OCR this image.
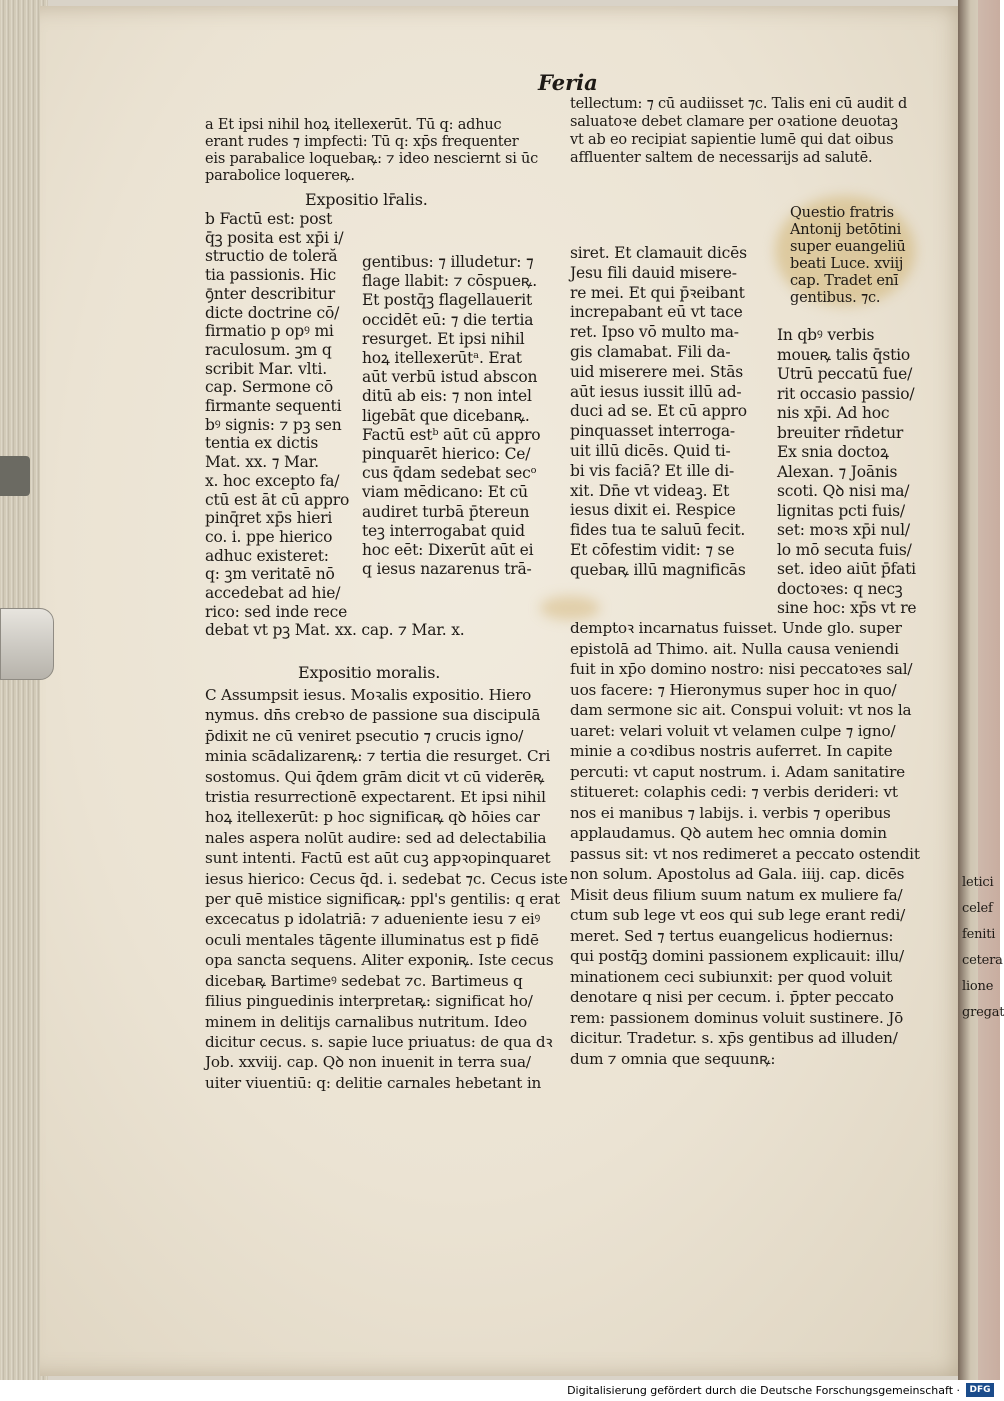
Feria
a Et ipsi nihil hoꝝ itellexerūt. Tū q: adhuc
erant rudes ⁊ impfecti: Tū q: xp̄s frequenter
eis parabalice loquebaꝶ: ⁊ ideo nesciernt si ūc
parabolice loquereꝶ.
tellectum: ⁊ cū audiisset ⁊c. Talis eni cū audit d
saluatoꝛe debet clamare per oꝛatione deuotaꝫ
vt ab eo recipiat sapientie lumē qui dat oibus
affluenter saltem de necessarijs ad salutē.
Expositio lr̄alis.
Questio fratris
Antonij betōtini
super euangeliū
beati Luce. xviij
cap. Tradet enī
gentibus. ⁊c.
b Factū est: post
q̄ꝫ posita est xp̄i i/
structio de toleră
tia passionis. Hic
ꝯ̄nter describitur
dicte doctrine cō/
firmatio p opꝰ mi
raculosum. ꝫm q
scribit Mar. vlti.
cap. Sermone cō
firmante sequenti
bꝰ signis: ⁊ pꝫ sen
tentia ex dictis
Mat. xx. ⁊ Mar.
x. hoc excepto fa/
ctū est āt cū appro
pinq̄ret xp̄s hieri
co. i. ppe hierico
adhuc existeret:
q: ꝫm veritatē nō
accedebat ad hie/
rico: sed inde rece
debat vt pꝫ Mat. xx. cap. ⁊ Mar. x.
gentibus: ⁊ illudetur: ⁊
flage llabit: ⁊ cōspueꝶ.
Et postq̄ꝫ flagellauerit
occidēt eū: ⁊ die tertia
resurget. Et ipsi nihil
hoꝝ itellexerūtᵃ. Erat
aūt verbū istud abscon
ditū ab eis: ⁊ non intel
ligebāt que dicebanꝶ.
Factū estᵇ aūt cū appro
pinquarēt hierico: Ce/
cus q̄dam sedebat secᵒ
viam mēdicano: Et cū
audiret turbā p̄tereun
teꝫ interrogabat quid
hoc eēt: Dixerūt aūt ei
q iesus nazarenus trā-
siret. Et clamauit dicēs
Jesu fili dauid misere-
re mei. Et qui p̄ꝛeibant
increpabant eū vt tace
ret. Ipso vō multo ma-
gis clamabat. Fili da-
uid miserere mei. Stās
aūt iesus iussit illū ad-
duci ad se. Et cū appro
pinquasset interroga-
uit illū dicēs. Quid ti-
bi vis faciā? Et ille di-
xit. Dn̄e vt videaꝫ. Et
iesus dixit ei. Respice
fides tua te saluū fecit.
Et cōfestim vidit: ⁊ se
quebaꝶ illū magnificās
In qbꝰ verbis
moueꝶ talis q̄stio
Utrū peccatū fue/
rit occasio passio/
nis xp̄i. Ad hoc
breuiter rn̄detur
Ex snia doctoꝝ
Alexan. ⁊ Joānis
scoti. Qꝺ nisi ma/
lignitas pcti fuis/
set: moꝛs xp̄i nul/
lo mō secuta fuis/
set. ideo aiūt p̄fati
doctoꝛes: q necꝫ
sine hoc: xp̄s vt re
Expositio moralis.
C Assumpsit iesus. Moꝛalis expositio. Hiero
nymus. dn̄s crebꝛo de passione sua discipulā
p̄dixit ne cū veniret psecutio ⁊ crucis igno/
minia scādalizarenꝶ: ⁊ tertia die resurget. Cri
sostomus. Qui q̄dem grām dicit vt cū viderēꝶ
tristia resurrectionē expectarent. Et ipsi nihil
hoꝝ itellexerūt: p hoc significaꝶ qꝺ hōies car
nales aspera nolūt audire: sed ad delectabilia
sunt intenti. Factū est aūt cuꝫ appꝛopinquaret
iesus hierico: Cecus q̄d. i. sedebat ⁊c. Cecus iste
per quē mistice significaꝶ: ppl's gentilis: q erat
excecatus p idolatriā: ⁊ adueniente iesu ⁊ eiꝰ
oculi mentales tāgente illuminatus est p fidē
opa sancta sequens. Aliter exponiꝶ. Iste cecus
dicebaꝶ Bartimeꝰ sedebat ⁊c. Bartimeus q
filius pinguedinis interpretaꝶ: significat ho/
minem in delitijs carnalibus nutritum. Ideo
dicitur cecus. s. sapie luce priuatus: de qua dꝛ
Job. xxviij. cap. Qꝺ non inuenit in terra sua/
uiter viuentiū: q: delitie carnales hebetant in
demptoꝛ incarnatus fuisset. Unde glo. super
epistolā ad Thimo. ait. Nulla causa veniendi
fuit in xp̄o domino nostro: nisi peccatoꝛes sal/
uos facere: ⁊ Hieronymus super hoc in quo/
dam sermone sic ait. Conspui voluit: vt nos la
uaret: velari voluit vt velamen culpe ⁊ igno/
minie a coꝛdibus nostris auferret. In capite
percuti: vt caput nostrum. i. Adam sanitatire
stitueret: colaphis cedi: ⁊ verbis derideri: vt
nos ei manibus ⁊ labijs. i. verbis ⁊ operibus
applaudamus. Qꝺ autem hec omnia domin
passus sit: vt nos redimeret a peccato ostendit
non solum. Apostolus ad Gala. iiij. cap. dicēs
Misit deus filium suum natum ex muliere fa/
ctum sub lege vt eos qui sub lege erant redi/
meret. Sed ⁊ tertus euangelicus hodiernus:
qui postq̄ꝫ domini passionem explicauit: illu/
minationem ceci subiunxit: per quod voluit
denotare q nisi per cecum. i. p̄pter peccato
rem: passionem dominus voluit sustinere. Jō
dicitur. Tradetur. s. xp̄s gentibus ad illuden/
dum ⁊ omnia que sequunꝶ:
letici
celef
feniti
cetera
lione
gregat
Digitalisierung gefördert durch die Deutsche Forschungsgemeinschaft ·	DFG
